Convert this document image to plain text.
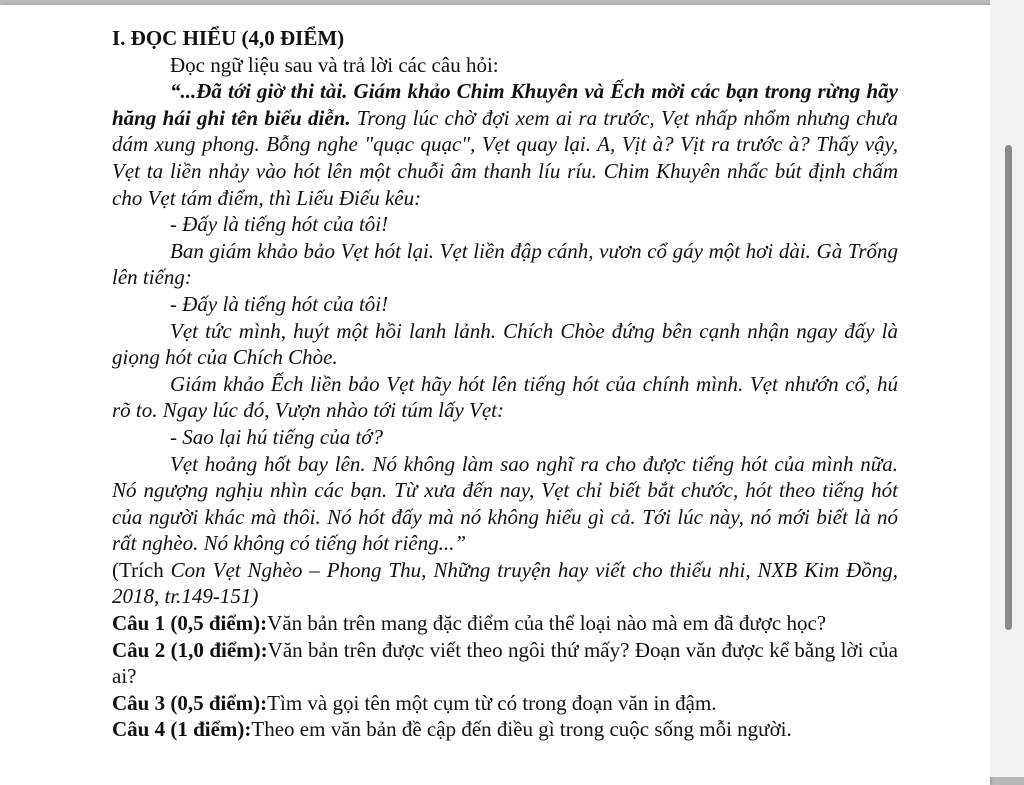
I. ĐỌC HIỂU (4,0 ĐIỂM)

Đọc ngữ liệu sau và trả lời các câu hỏi:

“...Đã tới giờ thi tài. Giám khảo Chim Khuyên và Ếch mời các bạn trong rừng hãy hăng hái ghi tên biểu diễn. Trong lúc chờ đợi xem ai ra trước, Vẹt nhấp nhổm nhưng chưa dám xung phong. Bỗng nghe "quạc quạc", Vẹt quay lại. A, Vịt à? Vịt ra trước à? Thấy vậy, Vẹt ta liền nhảy vào hót lên một chuỗi âm thanh líu ríu. Chim Khuyên nhấc bút định chấm cho Vẹt tám điểm, thì Liếu Điếu kêu:

- Đấy là tiếng hót của tôi!

Ban giám khảo bảo Vẹt hót lại. Vẹt liền đập cánh, vươn cổ gáy một hơi dài. Gà Trống lên tiếng:

- Đấy là tiếng hót của tôi!

Vẹt tức mình, huýt một hồi lanh lảnh. Chích Chòe đứng bên cạnh nhận ngay đấy là giọng hót của Chích Chòe.

Giám khảo Ếch liền bảo Vẹt hãy hót lên tiếng hót của chính mình. Vẹt nhướn cổ, hú rõ to. Ngay lúc đó, Vượn nhào tới túm lấy Vẹt:

- Sao lại hú tiếng của tớ?

Vẹt hoảng hốt bay lên. Nó không làm sao nghĩ ra cho được tiếng hót của mình nữa. Nó ngượng nghịu nhìn các bạn. Từ xưa đến nay, Vẹt chỉ biết bắt chước, hót theo tiếng hót của người khác mà thôi. Nó hót đấy mà nó không hiểu gì cả. Tới lúc này, nó mới biết là nó rất nghèo. Nó không có tiếng hót riêng...”

(Trích Con Vẹt Nghèo – Phong Thu, Những truyện hay viết cho thiếu nhi, NXB Kim Đồng, 2018, tr.149-151)

Câu 1 (0,5 điểm):Văn bản trên mang đặc điểm của thể loại nào mà em đã được học?

Câu 2 (1,0 điểm):Văn bản trên được viết theo ngôi thứ mấy? Đoạn văn được kể bằng lời của ai?

Câu 3 (0,5 điểm):Tìm và gọi tên một cụm từ có trong đoạn văn in đậm.

Câu 4 (1 điểm):Theo em văn bản đề cập đến điều gì trong cuộc sống mỗi người.
